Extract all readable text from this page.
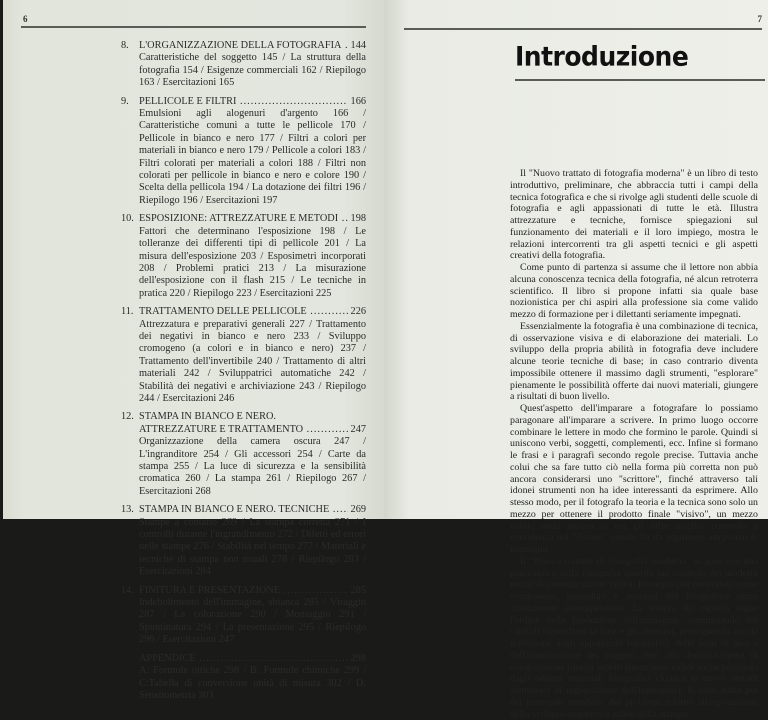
6
8. L'ORGANIZZAZIONE DELLA FOTOGRAFIA ..... 144
Caratteristiche del soggetto 145 / La struttura della fotografia 154 / Esigenze commerciali 162 / Riepilogo 163 / Esercitazioni 165
9. PELLICOLE E FILTRI .....	166
Emulsioni agli alogenuri d'argento 166 / Caratteristiche comuni a tutte le pellicole 170 / Pellicole in bianco e nero 177 / Filtri a colori per materiali in bianco e nero 179 / Pellicole a colori 183 / Filtri colorati per materiali a colori 188 / Filtri non colorati per pellicole in bianco e nero e colore 190 / Scelta della pellicola 194 / La dotazione dei filtri 196 / Riepilogo 196 / Esercitazioni 197
10. ESPOSIZIONE: ATTREZZATURE E METODI .....	198
Fattori che determinano l'esposizione 198 / Le tolleranze dei differenti tipi di pellicole 201 / La misura dell'esposizione 203 / Esposimetri incorporati 208 / Problemi pratici 213 / La misurazione dell'esposizione con il flash 215 / Le tecniche in pratica 220 / Riepilogo 223 / Esercitazioni 225
11. TRATTAMENTO DELLE PELLICOLE .....	226
Attrezzatura e preparativi generali 227 / Trattamento dei negativi in bianco e nero 233 / Sviluppo cromogeno (a colori e in bianco e nero) 237 / Trattamento dell'invertibile 240 / Trattamento di altri materiali 242 / Sviluppatrici automatiche 242 / Stabilità dei negativi e archiviazione 243 / Riepilogo 244 / Esercitazioni 246
12. STAMPA IN BIANCO E NERO.
ATTREZZATURE E TRATTAMENTO .....	247
Organizzazione della camera oscura 247 / L'ingranditore 254 / Gli accessori 254 / Carte da stampa 255 / La luce di sicurezza e la sensibilità cromatica 260 / La stampa 261 / Riepilogo 267 / Esercitazioni 268
13. STAMPA IN BIANCO E NERO. TECNICHE .....	269
Stampe a contatto 269 / La stampa corretta 271 / I controlli durante l'ingrandimento 272 / Difetti ed errori nelle stampe 276 / Stabilità nel tempo 277 / Materiali e tecniche di stampa non usuali 278 / Riepilogo 283 / Esercitazioni 284
14. FINITURA E PRESENTAZIONE .....	285
Indebolimento dell'immagine, sbianca 285 / Viraggio 287 / La colorazione 290 / Montaggio 291 / Spuntinatura 294 / La presentazione 295 / Riepilogo 296 / Esercitazioni 247
APPENDICE .....	298
A: Formule ottiche 298 / B: Formule chimiche 299 / C:Tabella di conversione unità di misura 302 / D: Sensitometria 303
7
Introduzione

Il "Nuovo trattato di fotografia moderna" è un libro di testo introduttivo, preliminare, che abbraccia tutti i campi della tecnica fotografica e che si rivolge agli studenti delle scuole di fotografia e agli appassionati di tutte le età. Illustra attrezzature e tecniche, fornisce spiegazioni sul funzionamento dei materiali e il loro impiego, mostra le relazioni intercorrenti tra gli aspetti tecnici e gli aspetti creativi della fotografia.

Come punto di partenza si assume che il lettore non abbia alcuna conoscenza tecnica della fotografia, né alcun retroterra scientifico. Il libro si propone infatti sia quale base nozionistica per chi aspiri alla professione sia come valido mezzo di formazione per i dilettanti seriamente impegnati.

Essenzialmente la fotografia è una combinazione di tecnica, di osservazione visiva e di elaborazione dei materiali. Lo sviluppo della propria abilità in fotografia deve includere alcune teorie tecniche di base; in caso contrario diventa impossibile ottenere il massimo dagli strumenti, "esplorare" pienamente le possibilità offerte dai nuovi materiali, giungere a risultati di buon livello.

Quest'aspetto dell'imparare a fotografare lo possiamo paragonare all'imparare a scrivere. In primo luogo occorre combinare le lettere in modo che formino le parole. Quindi si uniscono verbi, soggetti, complementi, ecc. Infine si formano le frasi e i paragrafi secondo regole precise. Tuttavia anche colui che sa fare tutto ciò nella forma più corretta non può ancora considerarsi uno "scrittore", finché attraverso tali idonei strumenti non ha idee interessanti da esprimere. Allo stesso modo, per il fotografo la teoria e la tecnica sono solo un mezzo per ottenere il prodotto finale "visivo", un mezzo valido nella misura in cui gli offre miglior controllo e confidenza nel "fissare" quanto ha da esprimere attraverso le immagini.

Il "Nuovo trattato di fotografia moderna" si apre con una panoramica sulla fotografia inserita nel contesto dei moderni mezzi di comunicazione visiva. Prosegue poi mostrando come componenti, procedure e processi del fotografare siano strettamente interdipendenti. La stesura dei capitoli segue l'ordine della produzione dell'immagine, cominciando dai capitoli riguardanti la luce e gli obiettivi, proseguendo con la trattazione degli apparecchi fotografici, delle fonti di luce e dell'illuminazione dei soggetti, fino alla decisiva opera di composizione (questi aspetti rimarranno validi anche passando dagli odierni materiali fotografici chimici ai nuovi metodi elettronici di registrazione dell'immagine). Il testo tratta poi del materiale sensibile, dei problemi relativi all'esposizione, dello sviluppo negativo e infine della stampa.
